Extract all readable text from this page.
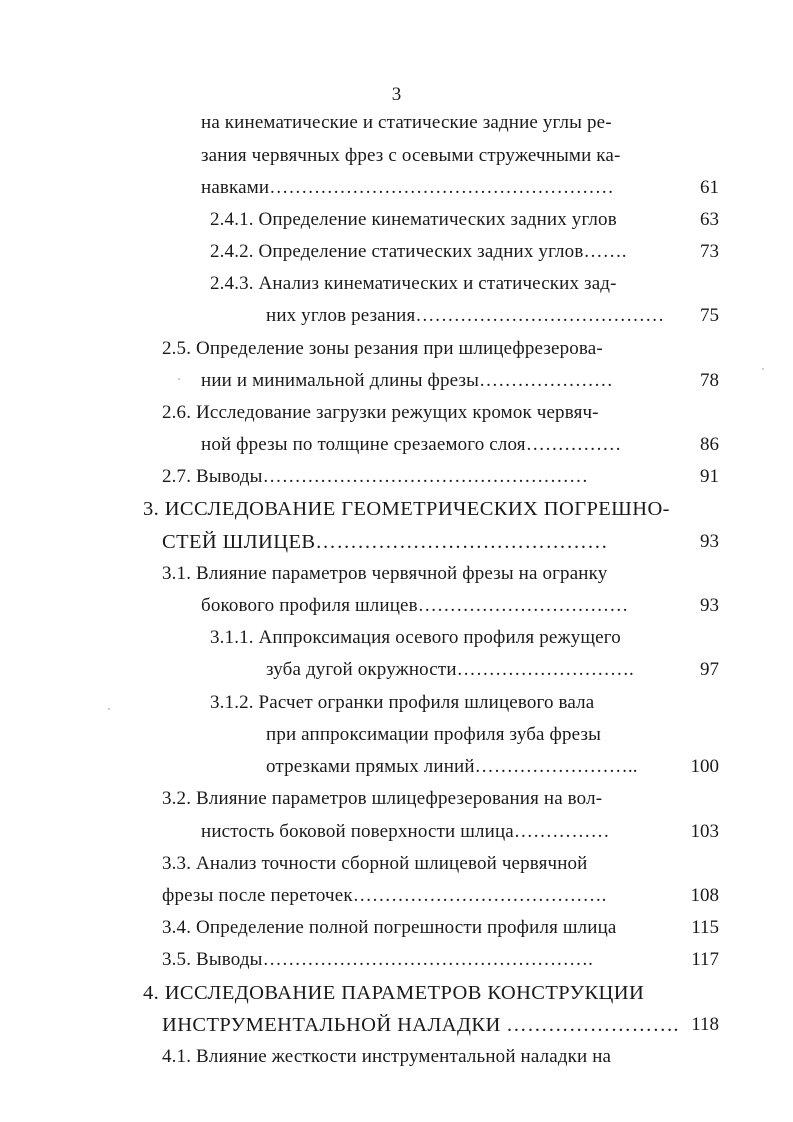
3
на кинематические и статические задние углы ре-
зания червячных фрез с осевыми стружечными ка-
навками………………………………………………	61
2.4.1. Определение кинематических задних углов	63
2.4.2. Определение статических задних углов…….	73
2.4.3. Анализ кинематических и статических зад-
них углов резания………………………………… 75
2.5. Определение зоны резания при шлицефрезерова-
нии и минимальной длины фрезы…………………	78
2.6. Исследование загрузки режущих кромок червяч-
ной фрезы по толщине срезаемого слоя……………	86
2.7. Выводы……………………………………………	91
3. ИССЛЕДОВАНИЕ ГЕОМЕТРИЧЕСКИХ ПОГРЕШНО-
СТЕЙ ШЛИЦЕВ……………………………………	93
3.1. Влияние параметров червячной фрезы на огранку
бокового профиля шлицев……………………………	93
3.1.1. Аппроксимация осевого профиля режущего
зуба дугой окружности……………………….	97
3.1.2. Расчет огранки профиля шлицевого вала
при аппроксимации профиля зуба фрезы
отрезками прямых линий……………………..	100
3.2. Влияние параметров шлицефрезерования на вол-
нистость боковой поверхности шлица……………	103
3.3. Анализ точности сборной шлицевой червячной
фрезы после переточек………………………………….	108
3.4. Определение полной погрешности профиля шлица	115
3.5. Выводы…………………………………………….	117
4. ИССЛЕДОВАНИЕ ПАРАМЕТРОВ КОНСТРУКЦИИ
ИНСТРУМЕНТАЛЬНОЙ НАЛАДКИ ……………………. 118
4.1. Влияние жесткости инструментальной наладки на
